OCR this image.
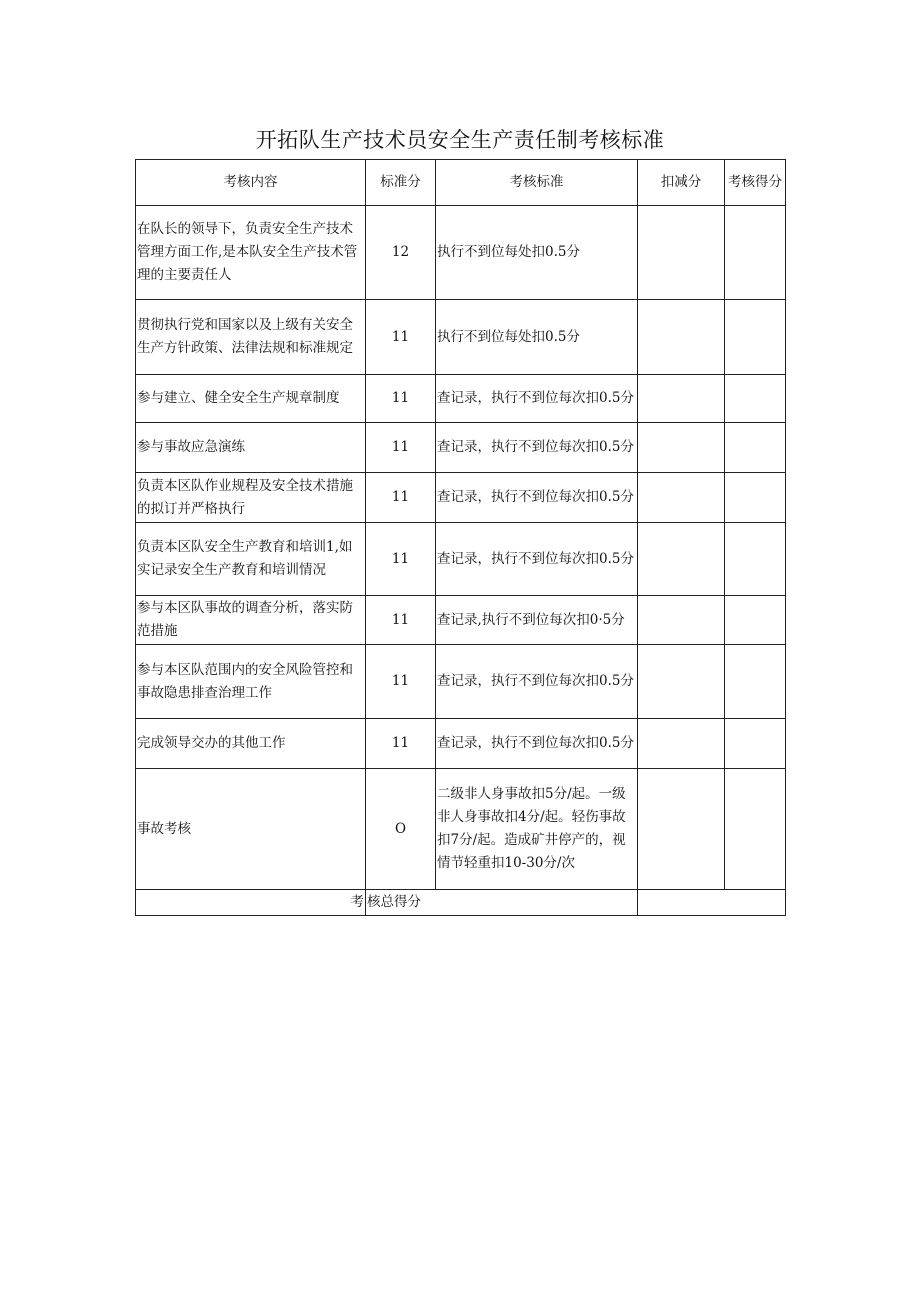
开拓队生产技术员安全生产责任制考核标准
考核内容	标准分	考核标准	扣减分	考核得分
在队长的领导下，负责安全生产技术管理方面工作,是本队安全生产技术管理的主要责任人	12	执行不到位每处扣0.5分		
贯彻执行党和国家以及上级有关安全生产方针政策、法律法规和标准规定	11	执行不到位每处扣0.5分		
参与建立、健全安全生产规章制度	11	查记录，执行不到位每次扣0.5分		
参与事故应急演练	11	查记录，执行不到位每次扣0.5分		
负责本区队作业规程及安全技术措施的拟订并严格执行	11	查记录，执行不到位每次扣0.5分		
负责本区队安全生产教育和培训1,如实记录安全生产教育和培训情况	11	查记录，执行不到位每次扣0.5分		
参与本区队事故的调查分析，落实防范措施	11	查记录,执行不到位每次扣0·5分		
参与本区队范围内的安全风险管控和事故隐患排查治理工作	11	查记录，执行不到位每次扣0.5分		
完成领导交办的其他工作	11	查记录，执行不到位每次扣0.5分		
事故考核	O	二级非人身事故扣5分/起。一级非人身事故扣4分/起。轻伤事故扣7分/起。造成矿井停产的，视情节轻重扣10-30分/次		
考	核总得分			
